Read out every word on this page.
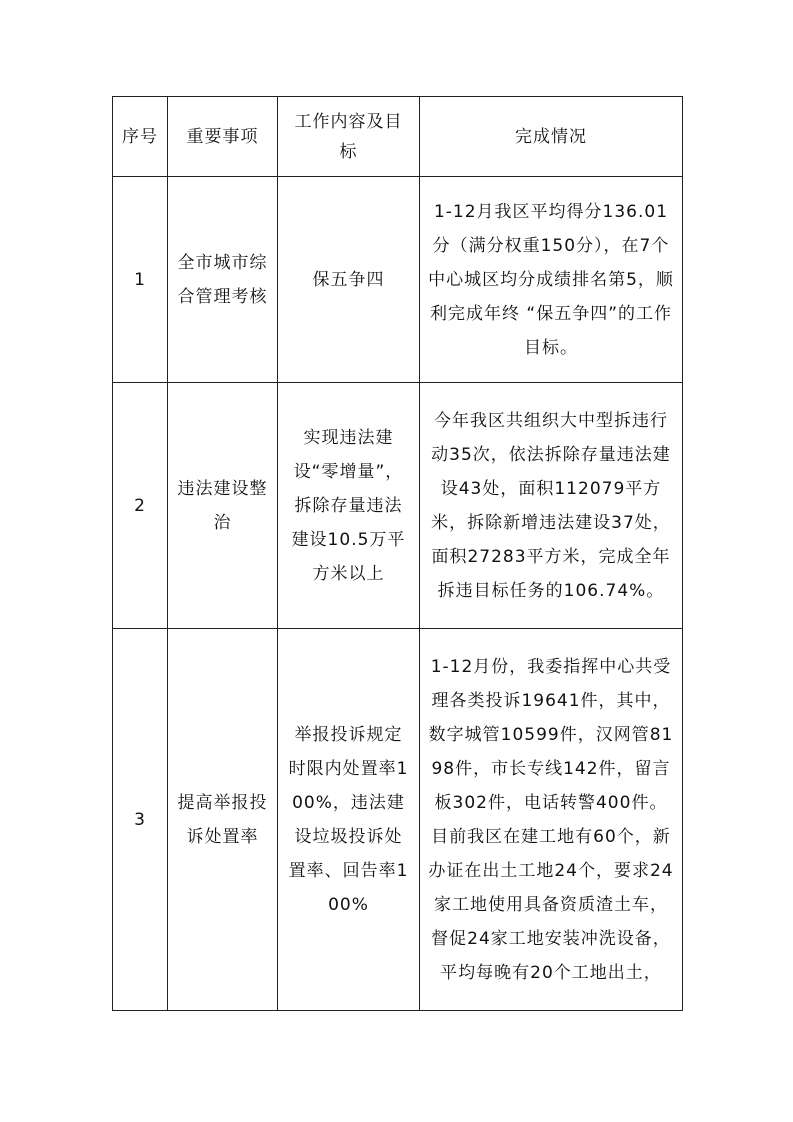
序号	重要事项	工作内容及目标	完成情况
1	全市城市综合管理考核	保五争四	1-12月我区平均得分136.01分（满分权重150分），在7个中心城区均分成绩排名第5，顺利完成年终 “保五争四”的工作目标。
2	违法建设整治	实现违法建设“零增量”，拆除存量违法建设10.5万平方米以上	今年我区共组织大中型拆违行动35次，依法拆除存量违法建设43处，面积112079平方米，拆除新增违法建设37处，面积27283平方米，完成全年拆违目标任务的106.74%。
3	提高举报投诉处置率	举报投诉规定时限内处置率100%，违法建设垃圾投诉处置率、回告率100%	1-12月份，我委指挥中心共受理各类投诉19641件，其中，数字城管10599件，汉网管8198件，市长专线142件，留言板302件，电话转警400件。目前我区在建工地有60个，新办证在出土工地24个，要求24家工地使用具备资质渣土车，督促24家工地安装冲洗设备，平均每晚有20个工地出土，
